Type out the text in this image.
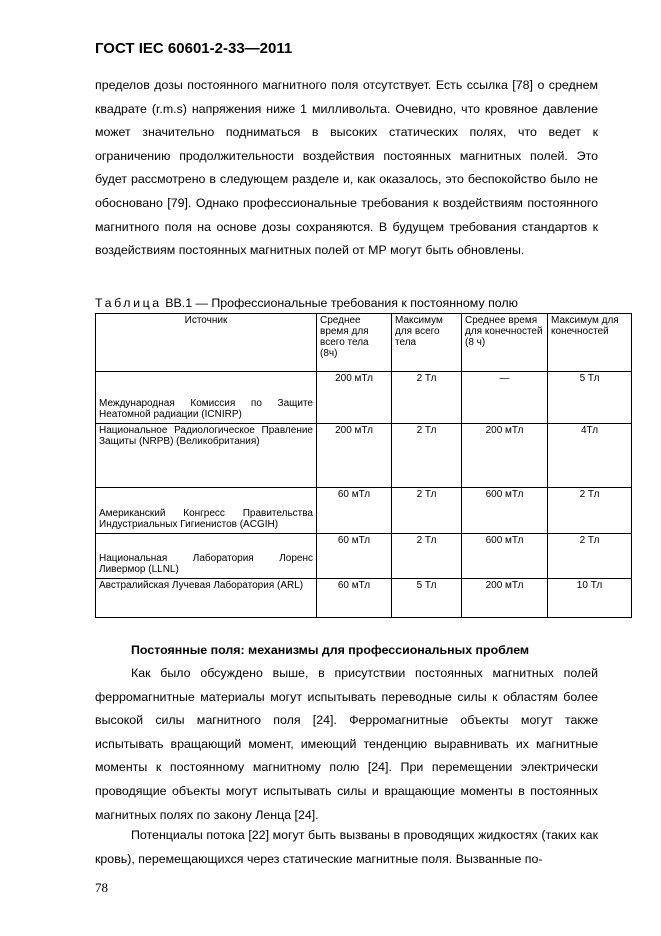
ГОСТ IEC 60601-2-33—2011

пределов дозы постоянного магнитного поля отсутствует. Есть ссылка [78] о среднем квадрате (r.m.s) напряжения ниже 1 милливольта. Очевидно, что кровяное давление может значительно подниматься в высоких статических полях, что ведет к ограничению продолжительности воздействия постоянных магнитных полей. Это будет рассмотрено в следующем разделе и, как оказалось, это беспокойство было не обосновано [79]. Однако профессиональные требования к воздействиям постоянного магнитного поля на основе дозы сохраняются. В будущем требования стандартов к воздействиям постоянных магнитных полей от МР могут быть обновлены.

Таблица ВВ.1 — Профессиональные требования к постоянному полю
Источник	Среднее время для всего тела (8ч)	Максимум для всего тела	Среднее время для конечностей (8 ч)	Максимум для конечностей
Международная Комиссия по Защите Неатомной радиации (ICNIRP)	200 мТл	2 Тл	—	5 Тл
Национальное Радиологическое Правление Защиты (NRPB) (Великобритания)	200 мТл	2 Тл	200 мТл	4Тл
Американский Конгресс Правительства Индустриальных Гигиенистов (ACGIH)	60 мТл	2 Тл	600 мТл	2 Тл
Национальная Лаборатория Лоренс Ливермор (LLNL)	60 мТл	2 Тл	600 мТл	2 Тл
Австралийская Лучевая Лаборатория (ARL)	60 мТл	5 Тл	200 мТл	10 Тл
Постоянные поля: механизмы для профессиональных проблем

Как было обсуждено выше, в присутствии постоянных магнитных полей ферромагнитные материалы могут испытывать переводные силы к областям более высокой силы магнитного поля [24]. Ферромагнитные объекты могут также испытывать вращающий момент, имеющий тенденцию выравнивать их магнитные моменты к постоянному магнитному полю [24]. При перемещении электрически проводящие объекты могут испытывать силы и вращающие моменты в постоянных магнитных полях по закону Ленца [24].

Потенциалы потока [22] могут быть вызваны в проводящих жидкостях (таких как кровь), перемещающихся через статические магнитные поля. Вызванные по-

78
